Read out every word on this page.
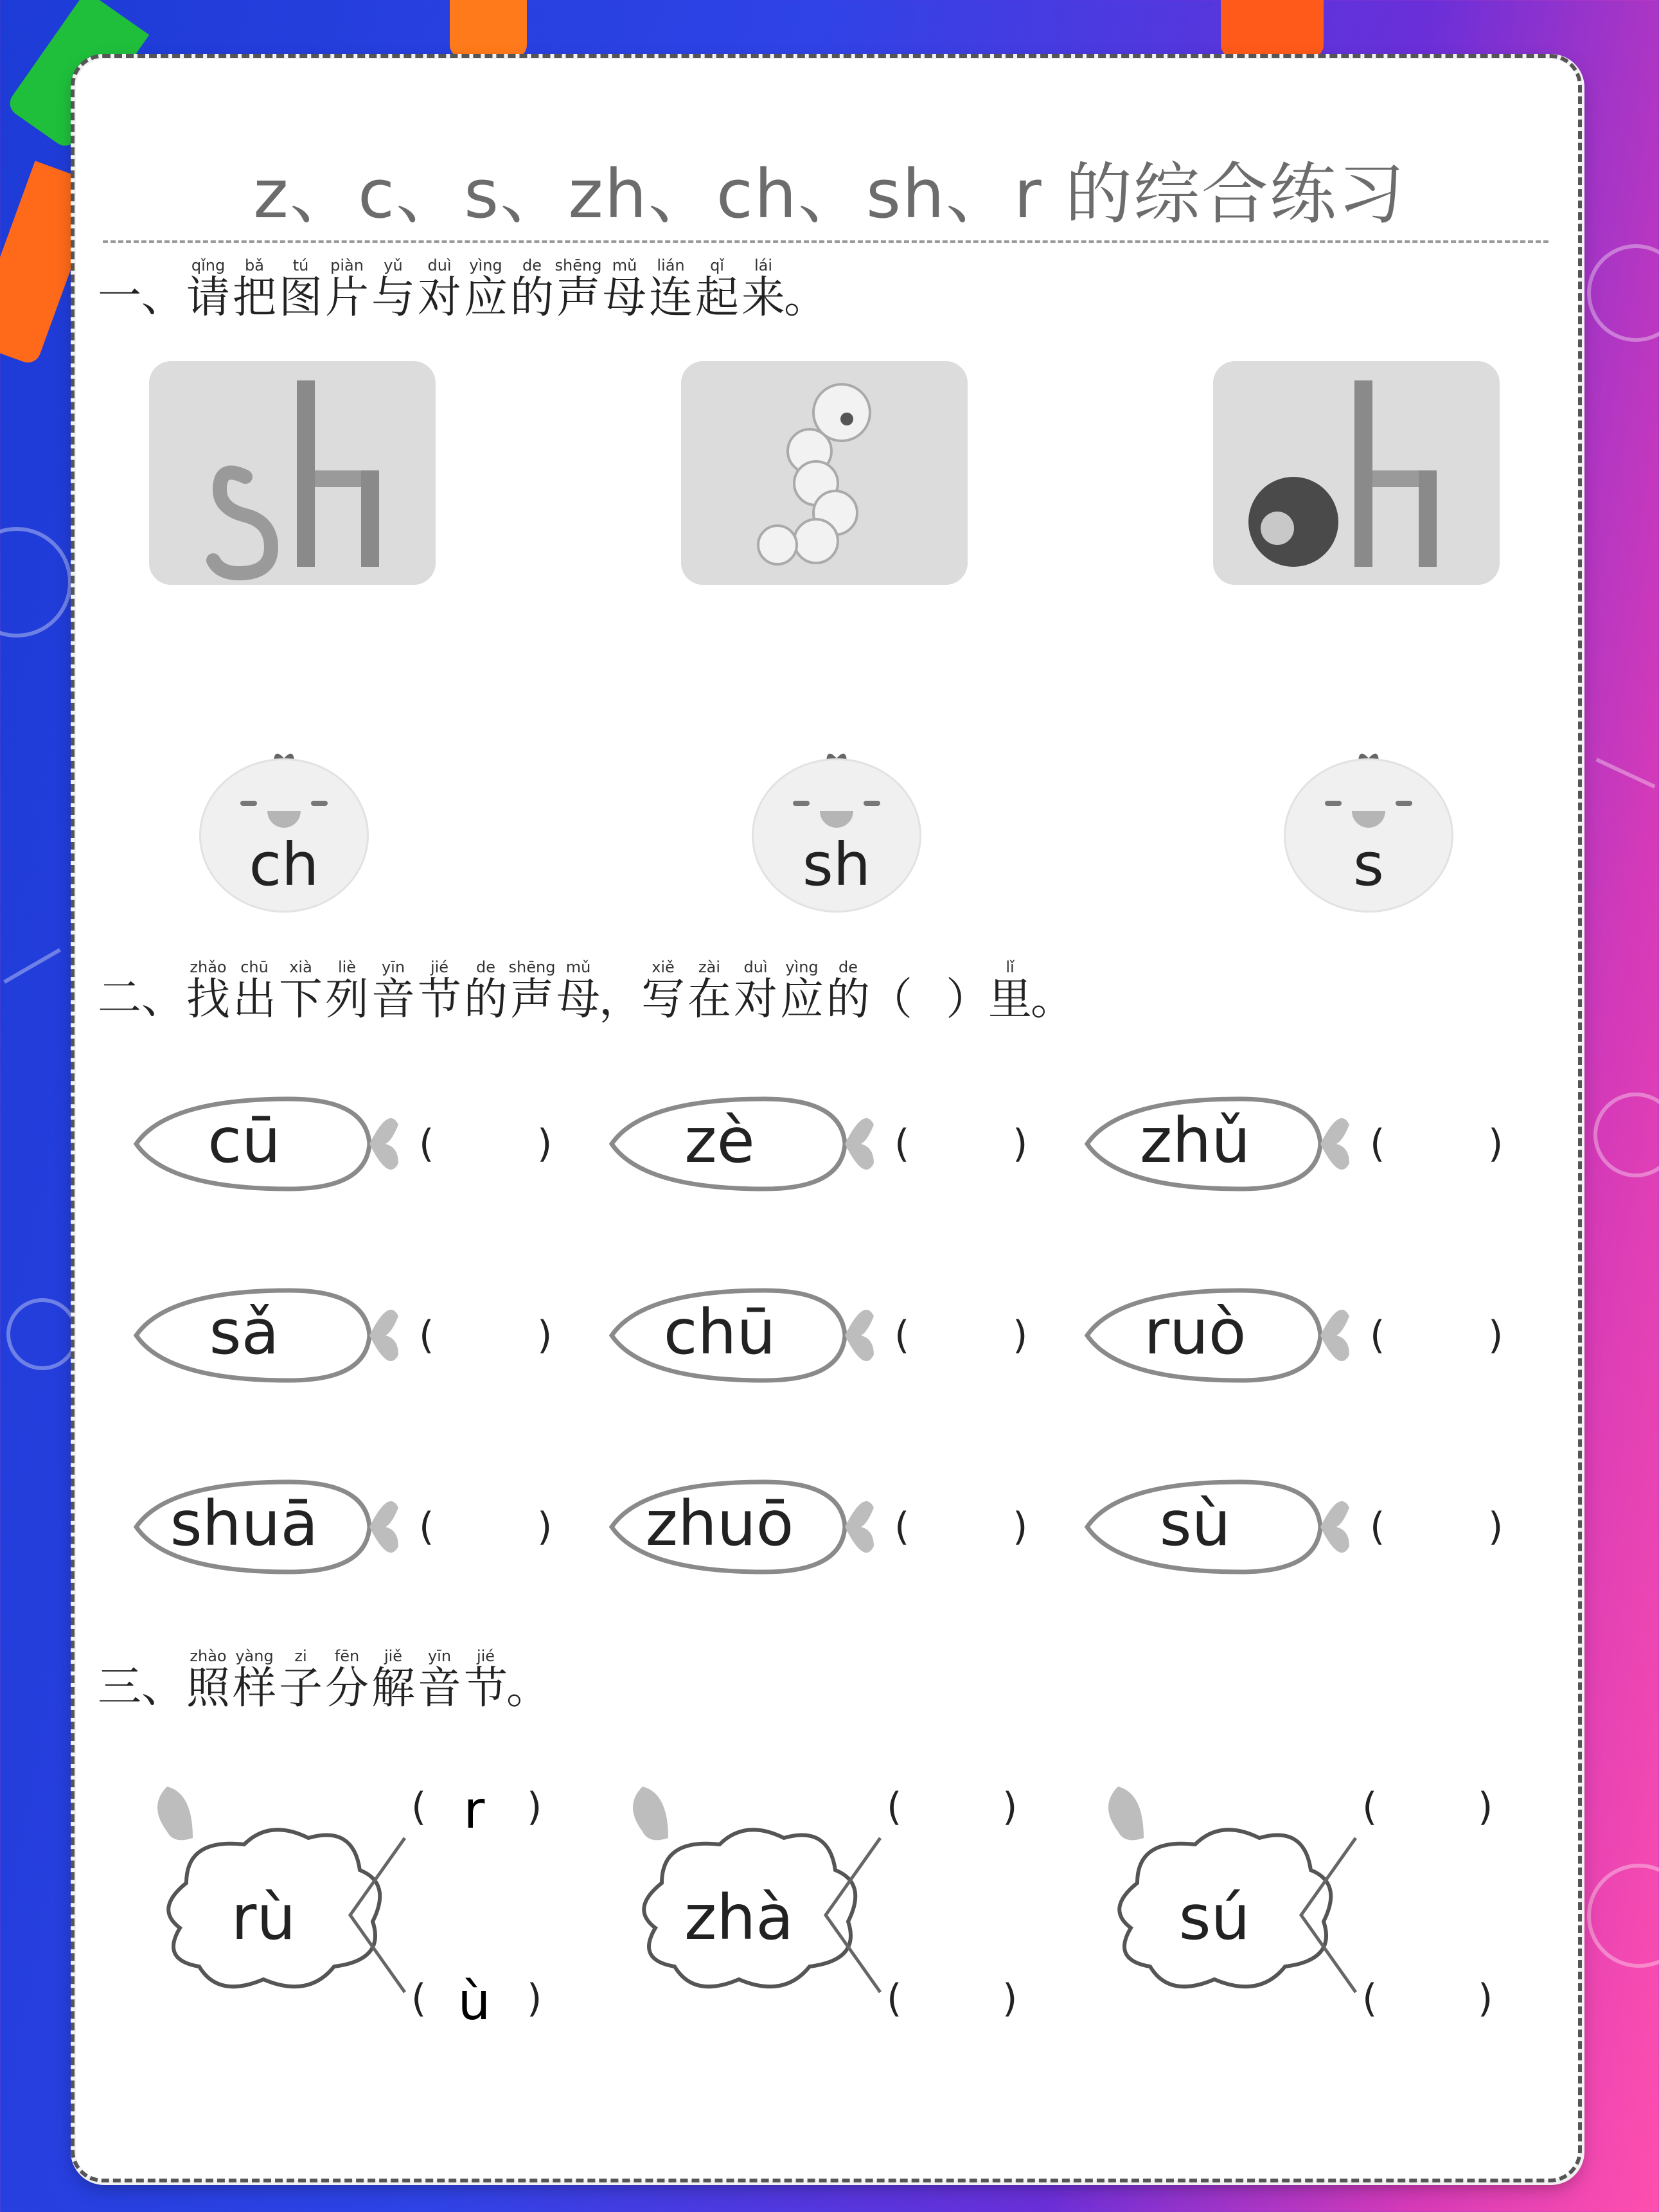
z、c、s、zh、ch、sh、r 的综合练习
一、
qǐng
请
bǎ
把
tú
图
piàn
片
yǔ
与
duì
对
yìng
应
de
的
shēng
声
mǔ
母
lián
连
qǐ
起
lái
来
。
ch	sh	s
二、
zhǎo
找
chū
出
xià
下
liè
列
yīn
音
jié
节
de
的
shēng
声
mǔ
母
，
xiě
写
zài
在
duì
对
yìng
应
de
的
（
　 ）
lǐ
里
。
cū	(	)	zè	(	)	zhǔ	(	)
sǎ	(	)	chū	(	)	ruò	(	)
shuā	(	)	zhuō	(	)	sù	(	)
三、
zhào
照
yàng
样
zi
子
fēn
分
jiě
解
yīn
音
jié
节
。
rù
( r	)
( ù )
zhà
(	)
(	)
sú
(	)
(	)
